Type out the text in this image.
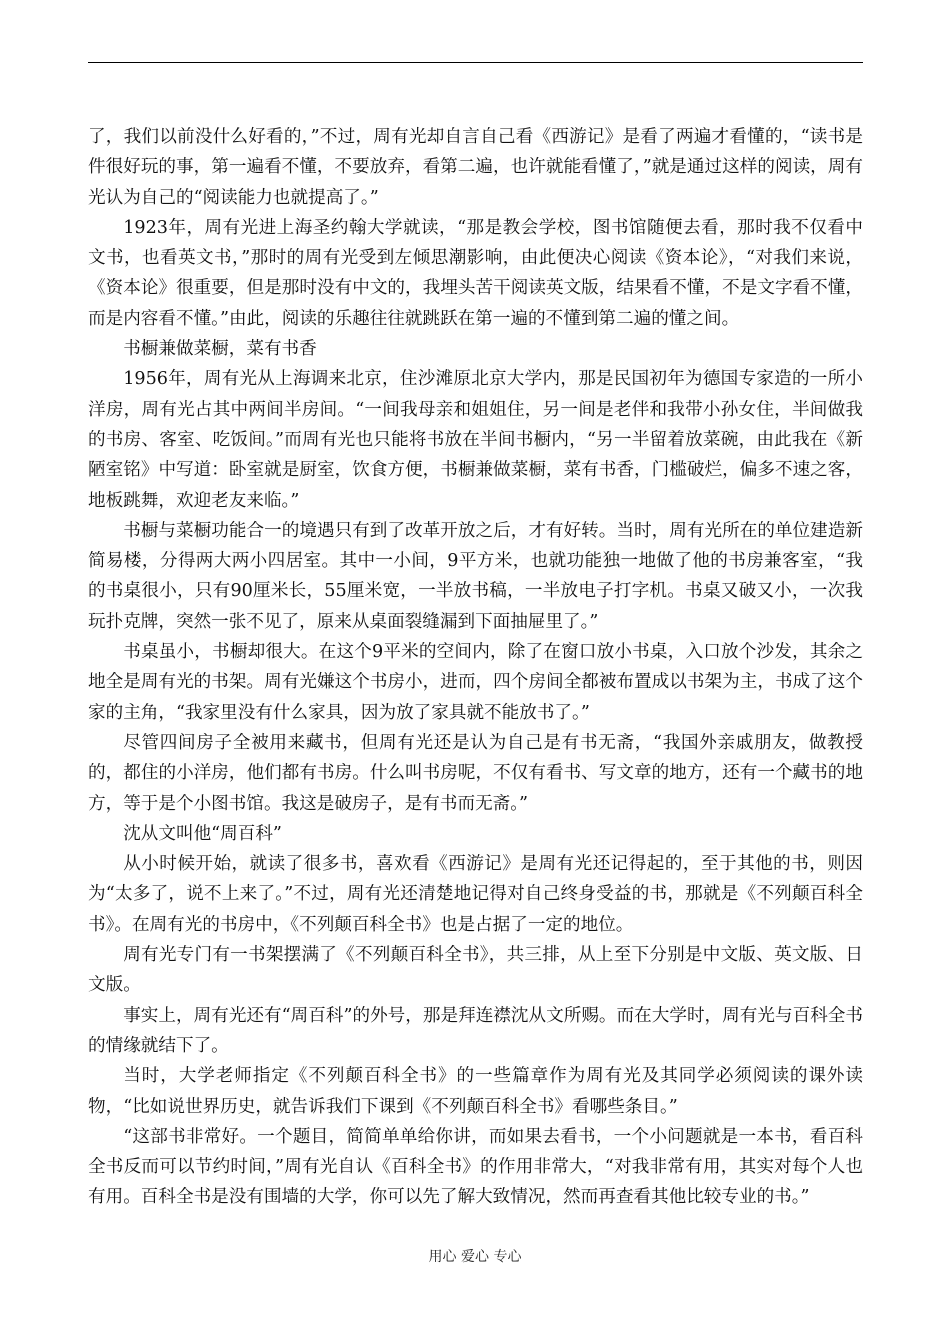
了，我们以前没什么好看的，”不过，周有光却自言自己看《西游记》是看了两遍才看懂的，“读书是件很好玩的事，第一遍看不懂，不要放弃，看第二遍，也许就能看懂了，”就是通过这样的阅读，周有光认为自己的“阅读能力也就提高了。”

1923年，周有光进上海圣约翰大学就读，“那是教会学校，图书馆随便去看，那时我不仅看中文书，也看英文书，”那时的周有光受到左倾思潮影响，由此便决心阅读《资本论》，“对我们来说，《资本论》很重要，但是那时没有中文的，我埋头苦干阅读英文版，结果看不懂，不是文字看不懂，而是内容看不懂。”由此，阅读的乐趣往往就跳跃在第一遍的不懂到第二遍的懂之间。

书橱兼做菜橱，菜有书香

1956年，周有光从上海调来北京，住沙滩原北京大学内，那是民国初年为德国专家造的一所小洋房，周有光占其中两间半房间。“一间我母亲和姐姐住，另一间是老伴和我带小孙女住，半间做我的书房、客室、吃饭间。”而周有光也只能将书放在半间书橱内，“另一半留着放菜碗，由此我在《新陋室铭》中写道：卧室就是厨室，饮食方便，书橱兼做菜橱，菜有书香，门槛破烂，偏多不速之客，地板跳舞，欢迎老友来临。”

书橱与菜橱功能合一的境遇只有到了改革开放之后，才有好转。当时，周有光所在的单位建造新简易楼，分得两大两小四居室。其中一小间，9平方米，也就功能独一地做了他的书房兼客室，“我的书桌很小，只有90厘米长，55厘米宽，一半放书稿，一半放电子打字机。书桌又破又小，一次我玩扑克牌，突然一张不见了，原来从桌面裂缝漏到下面抽屉里了。”

书桌虽小，书橱却很大。在这个9平米的空间内，除了在窗口放小书桌，入口放个沙发，其余之地全是周有光的书架。周有光嫌这个书房小，进而，四个房间全都被布置成以书架为主，书成了这个家的主角，“我家里没有什么家具，因为放了家具就不能放书了。”

尽管四间房子全被用来藏书，但周有光还是认为自己是有书无斋，“我国外亲戚朋友，做教授的，都住的小洋房，他们都有书房。什么叫书房呢，不仅有看书、写文章的地方，还有一个藏书的地方，等于是个小图书馆。我这是破房子，是有书而无斋。”

沈从文叫他“周百科”

从小时候开始，就读了很多书，喜欢看《西游记》是周有光还记得起的，至于其他的书，则因为“太多了，说不上来了。”不过，周有光还清楚地记得对自己终身受益的书，那就是《不列颠百科全书》。在周有光的书房中，《不列颠百科全书》也是占据了一定的地位。

周有光专门有一书架摆满了《不列颠百科全书》，共三排，从上至下分别是中文版、英文版、日文版。

事实上，周有光还有“周百科”的外号，那是拜连襟沈从文所赐。而在大学时，周有光与百科全书的情缘就结下了。

当时，大学老师指定《不列颠百科全书》的一些篇章作为周有光及其同学必须阅读的课外读物，“比如说世界历史，就告诉我们下课到《不列颠百科全书》看哪些条目。”

“这部书非常好。一个题目，简简单单给你讲，而如果去看书，一个小问题就是一本书，看百科全书反而可以节约时间，”周有光自认《百科全书》的作用非常大，“对我非常有用，其实对每个人也有用。百科全书是没有围墙的大学，你可以先了解大致情况，然而再查看其他比较专业的书。”

用心 爱心 专心
